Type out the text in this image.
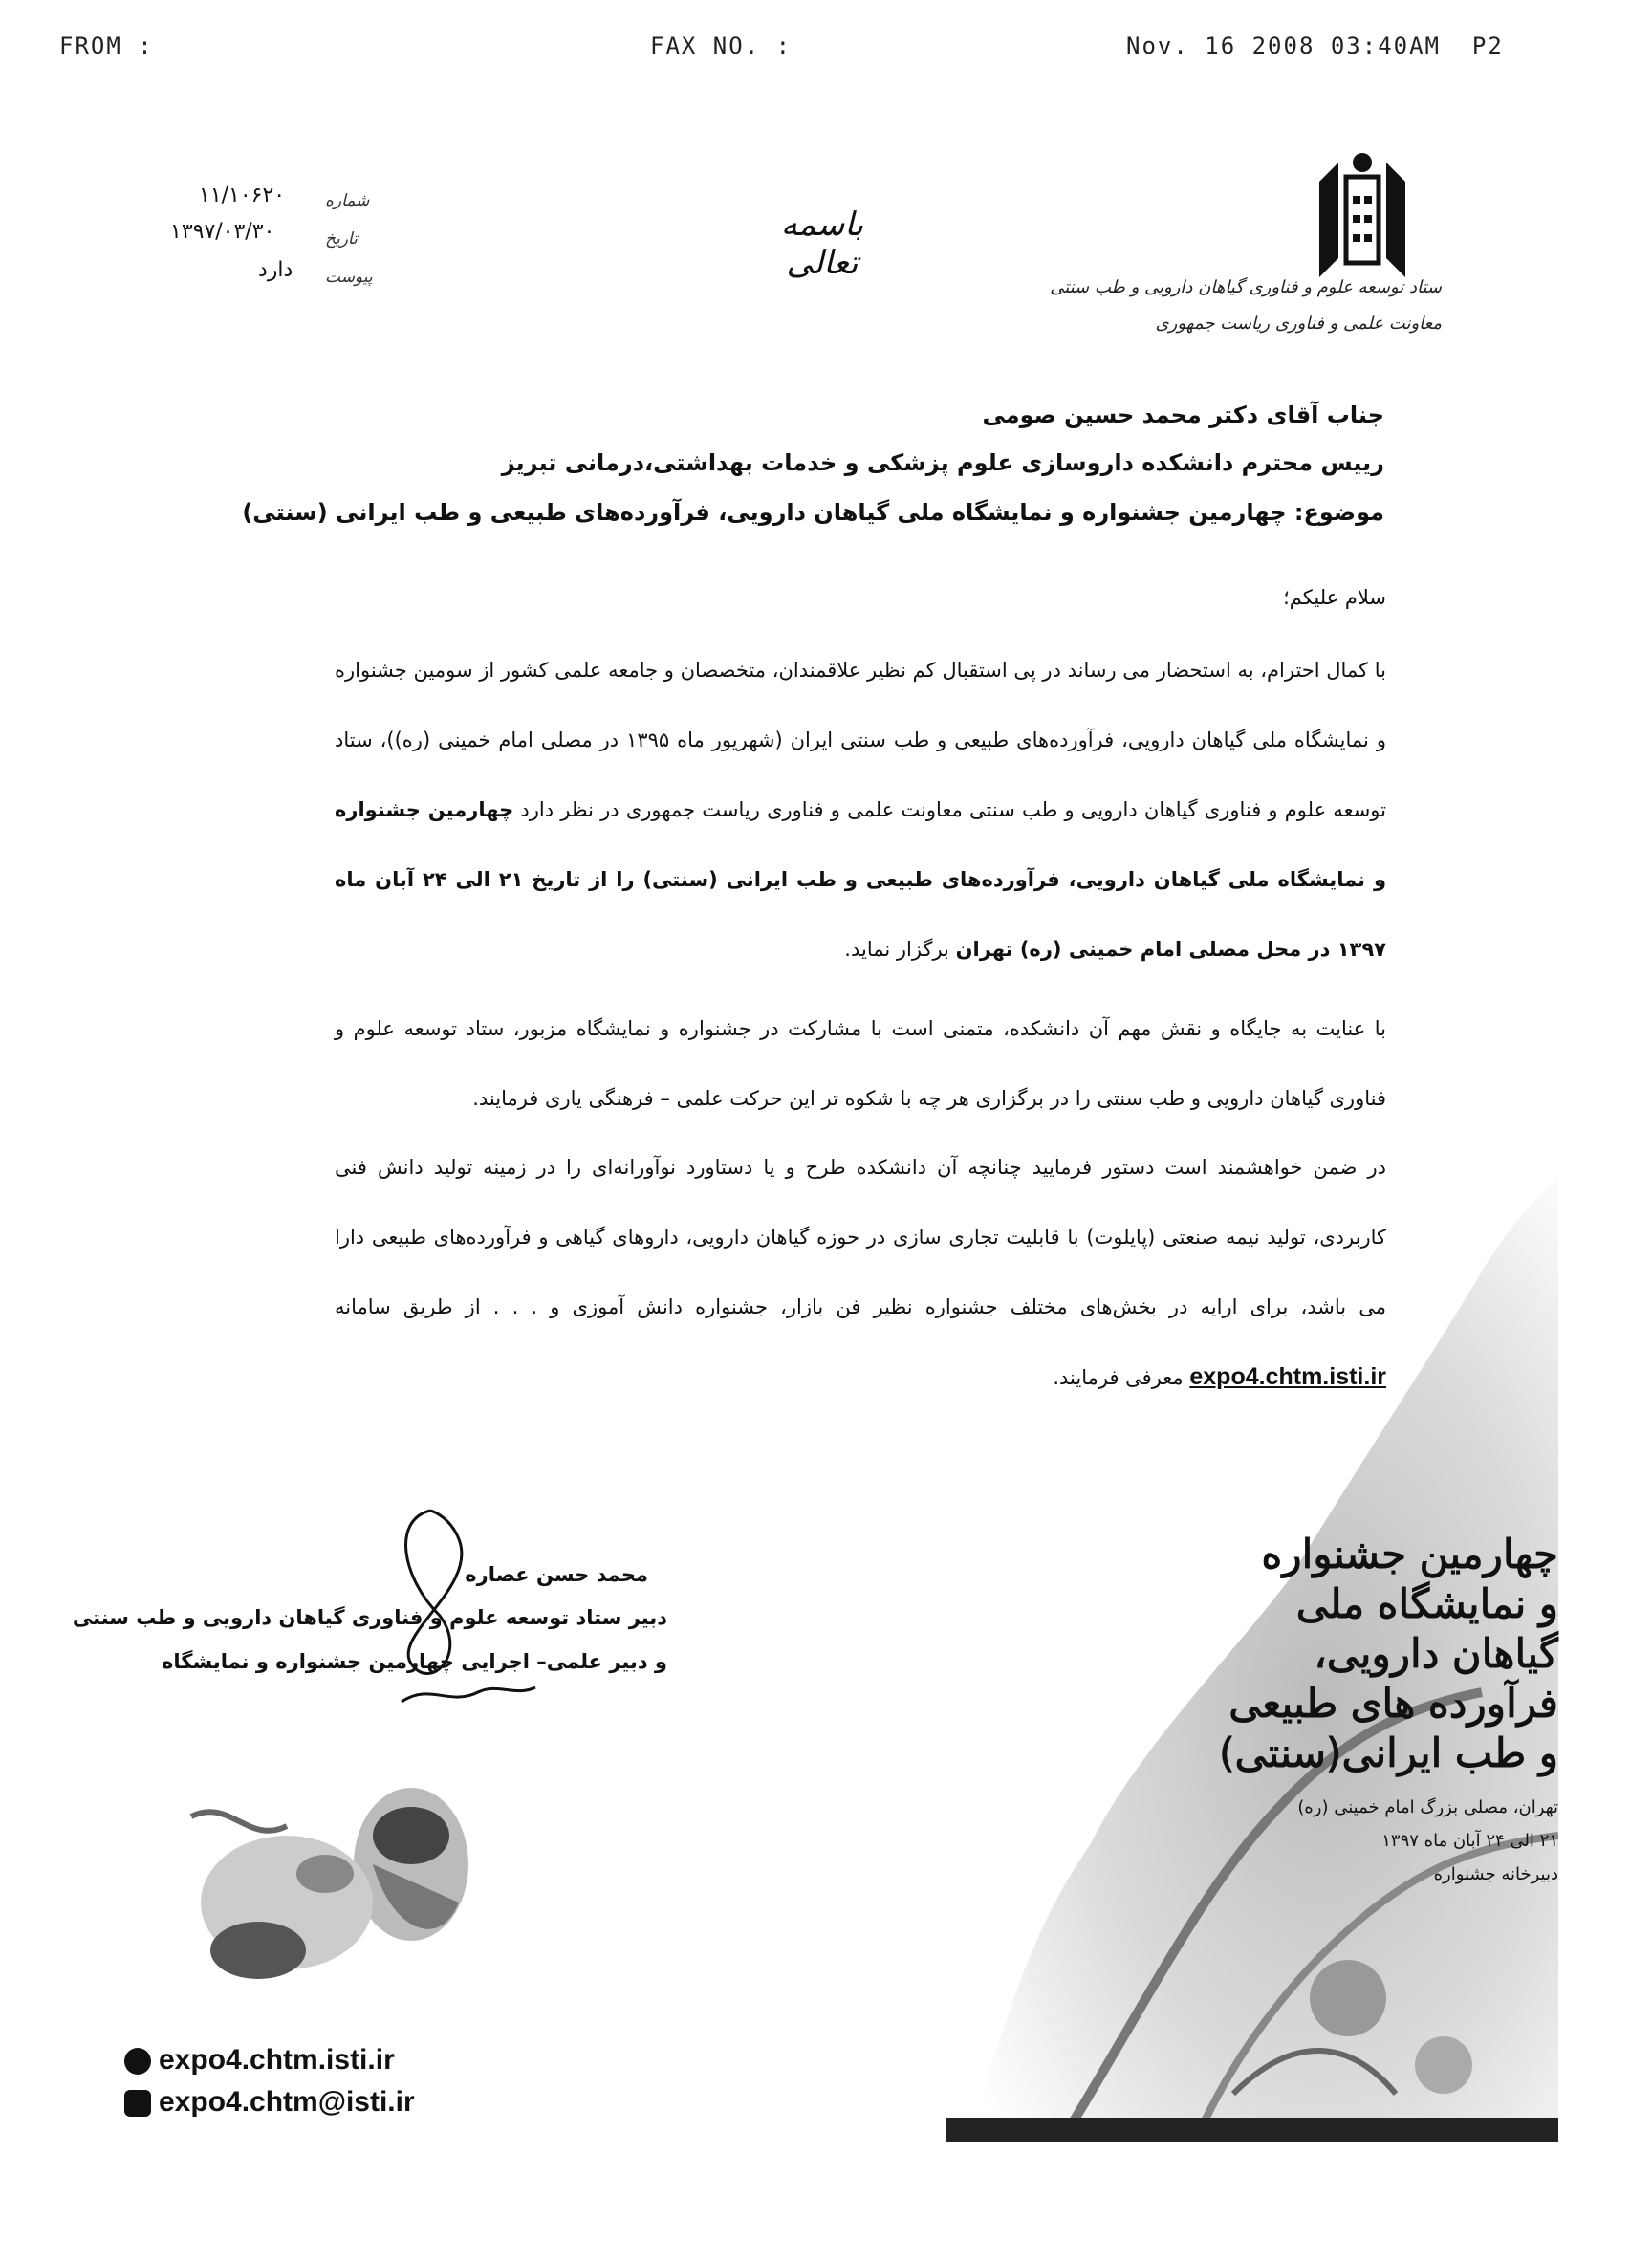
FROM :	FAX NO. :	Nov. 16 2008 03:40AM  P2
ستاد توسعه علوم و فناوری گیاهان دارویی و طب سنتی
معاونت علمی و فناوری ریاست جمهوری
باسمه تعالی
شماره
۱۱/۱۰۶۲۰
تاریخ
۱۳۹۷/۰۳/۳۰
پیوست
دارد
جناب آقای دکتر محمد حسین صومی
رییس محترم دانشکده داروسازی علوم پزشکی و خدمات بهداشتی،درمانی تبریز
موضوع: چهارمین جشنواره و نمایشگاه ملی گیاهان دارویی، فرآورده‌های طبیعی و طب ایرانی (سنتی)
سلام علیکم؛
با کمال احترام، به استحضار می رساند در پی استقبال کم نظیر علاقمندان، متخصصان و جامعه علمی کشور از سومین جشنواره و نمایشگاه ملی گیاهان دارویی، فرآورده‌های طبیعی و طب سنتی ایران (شهریور ماه ۱۳۹۵ در مصلی امام خمینی (ره))، ستاد توسعه علوم و فناوری گیاهان دارویی و طب سنتی معاونت علمی و فناوری ریاست جمهوری در نظر دارد چهارمین جشنواره و نمایشگاه ملی گیاهان دارویی، فرآورده‌های طبیعی و طب ایرانی (سنتی) را از تاریخ ۲۱ الی ۲۴ آبان ماه ۱۳۹۷ در محل مصلی امام خمینی (ره) تهران برگزار نماید.
با عنایت به جایگاه و نقش مهم آن دانشکده، متمنی است با مشارکت در جشنواره و نمایشگاه مزبور، ستاد توسعه علوم و فناوری گیاهان دارویی و طب سنتی را در برگزاری هر چه با شکوه تر این حرکت علمی – فرهنگی یاری فرمایند.
در ضمن خواهشمند است دستور فرمایید چنانچه آن دانشکده طرح و یا دستاورد نوآورانه‌ای را در زمینه تولید دانش فنی کاربردی، تولید نیمه صنعتی (پایلوت) با قابلیت تجاری سازی در حوزه گیاهان دارویی، داروهای گیاهی و فرآورده‌های طبیعی دارا می باشد، برای ارایه در بخش‌های مختلف جشنواره نظیر فن بازار، جشنواره دانش آموزی و . . . از طریق سامانه expo4.chtm.isti.ir معرفی فرمایند.
چهارمین جشنواره
و نمایشگاه ملی
گیاهان دارویی،
فرآورده های طبیعی
و طب ایرانی(سنتی)
تهران، مصلی بزرگ امام خمینی (ره)
۲۱ الی ۲۴ آبان ماه ۱۳۹۷
دبیرخانه جشنواره
محمد حسن عصاره
دبیر ستاد توسعه علوم و فناوری گیاهان دارویی و طب سنتی
و دبیر علمی– اجرایی چهارمین جشنواره و نمایشگاه
expo4.chtm.isti.ir
expo4.chtm@isti.ir
